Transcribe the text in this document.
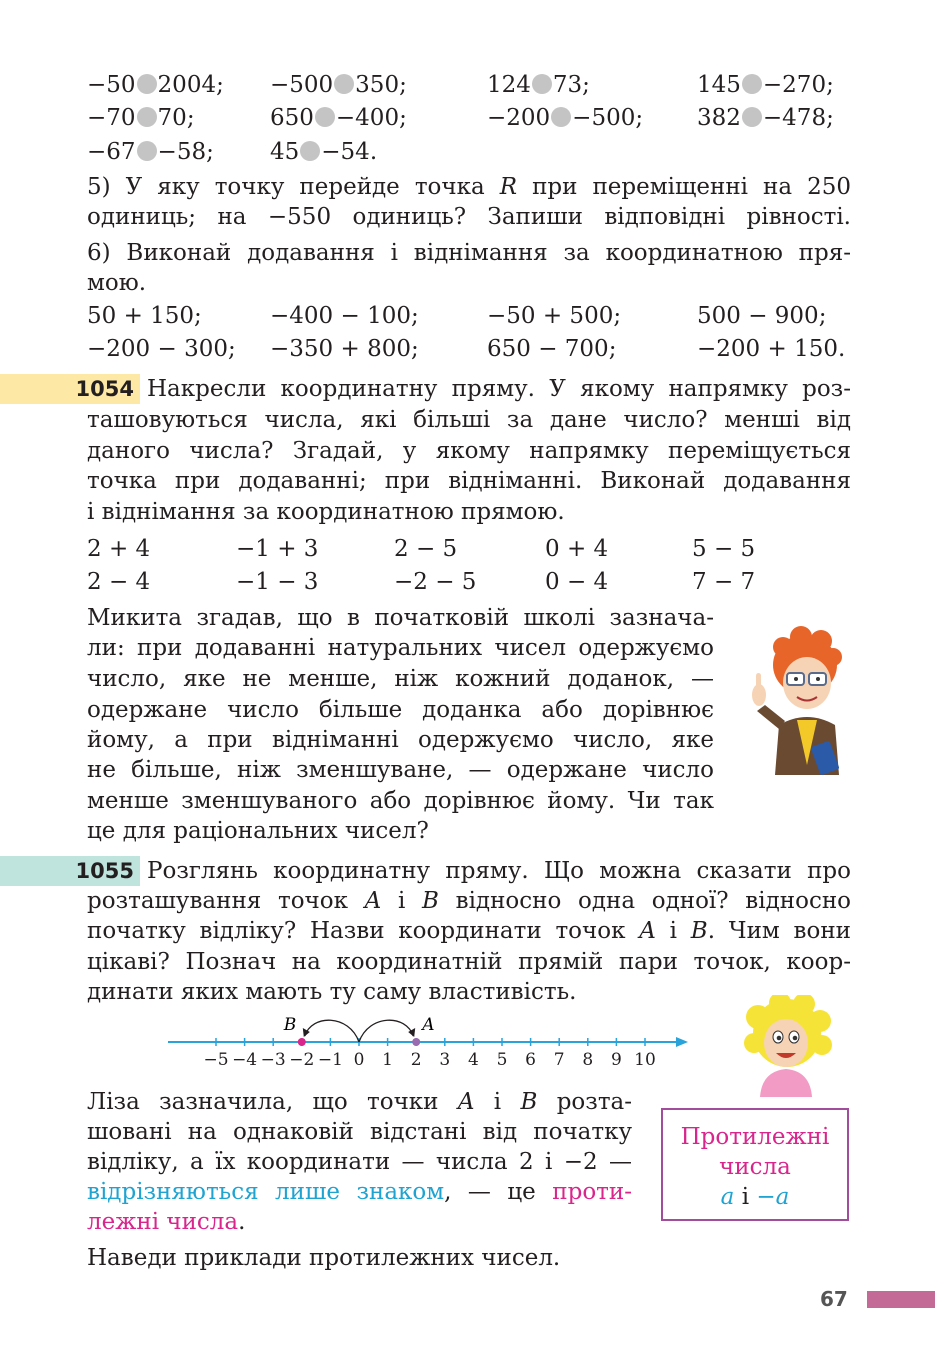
−50 2004; −500 350;	124 73;	145 −270;
−70 70;	650 −400;	−200 −500; 382 −478;
−67 −58; 45 −54.
5) У яку точку перейде точка R при переміщенні на 250
одиниць; на −550 одиниць? Запиши відповідні рівності.
6) Виконай додавання і віднімання за координатною пря-
мою.
50 + 150;	−400 − 100;	−50 + 500;	500 − 900;
−200 − 300; −350 + 800;	650 − 700;	−200 + 150.
1054 Накресли координатну пряму. У якому напрямку роз-
ташовуються числа, які більші за дане число? менші від
даного числа? Згадай, у якому напрямку переміщується
точка при додаванні; при відніманні. Виконай додавання
і віднімання за координатною прямою.
2 + 4	−1 + 3	2 − 5	0 + 4	5 − 5
2 − 4	−1 − 3	−2 − 5	0 − 4	7 − 7
Микита згадав, що в початковій школі зазнача-
ли: при додаванні натуральних чисел одержуємо
число, яке не менше, ніж кожний доданок, —
одержане число більше доданка або дорівнює
йому, а при відніманні одержуємо число, яке
не більше, ніж зменшуване, — одержане число
менше зменшуваного або дорівнює йому. Чи так
це для раціональних чисел?
1055 Розглянь координатну пряму. Що можна сказати про
розташування точок A і B відносно одна одної? відносно
початку відліку? Назви координати точок A і B. Чим вони
цікаві? Познач на координатній прямій пари точок, коор-
динати яких мають ту саму властивість.
−5 −4 −3 −2 −1 0 1 2 3 4 5 6 7 8 9 10
B	A
Ліза зазначила, що точки A і B розта-
шовані на однаковій відстані від початку
відліку, а їх координати — числа 2 і −2 —
відрізняються лише знаком, — це проти-
лежні числа.
Протилежні
числа
a і −a
Наведи приклади протилежних чисел.
67
